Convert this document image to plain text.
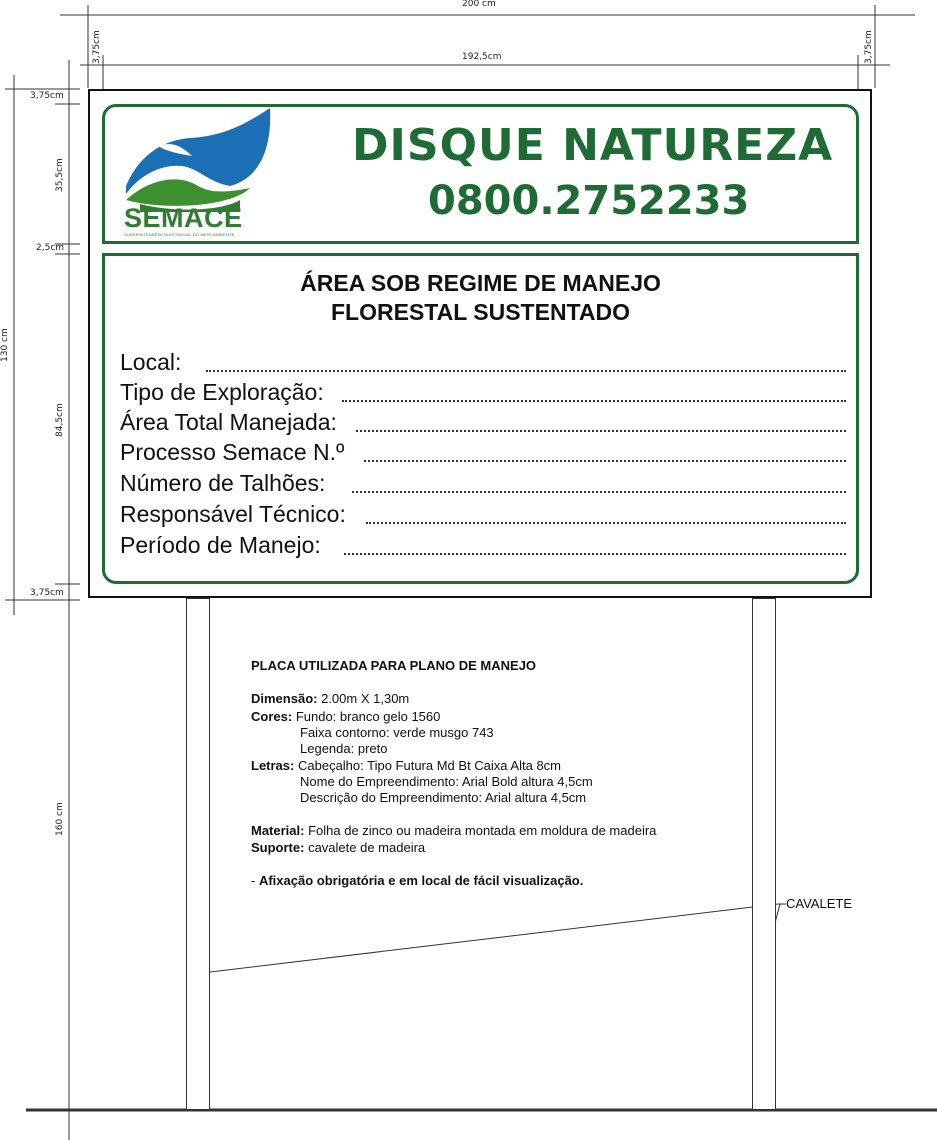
200 cm
192,5cm
3,75cm	3,75cm
3,75cm
35,5cm
2,5cm
84,5cm
3,75cm
130 cm
160 cm
SEMACE
SUPERINTENDÊNCIA ESTADUAL DO MEIO AMBIENTE
DISQUE NATUREZA
0800.2752233
ÁREA SOB REGIME DE MANEJO
FLORESTAL SUSTENTADO
Local:
Tipo de Exploração:
Área Total Manejada:
Processo Semace N.º
Número de Talhões:
Responsável Técnico:
Período de Manejo:
PLACA UTILIZADA PARA PLANO DE MANEJO
Dimensão: 2.00m X 1,30m
Cores: Fundo: branco gelo 1560
Faixa contorno: verde musgo 743
Legenda: preto
Letras: Cabeçalho: Tipo Futura Md Bt Caixa Alta 8cm
Nome do Empreendimento: Arial Bold altura 4,5cm
Descrição do Empreendimento: Arial altura 4,5cm
Material: Folha de zinco ou madeira montada em moldura de madeira
Suporte: cavalete de madeira
- Afixação obrigatória e em local de fácil visualização.
CAVALETE
